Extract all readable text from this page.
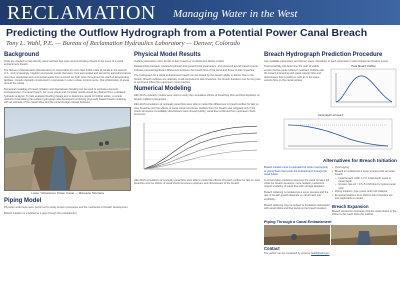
RECLAMATION Managing Water in the West
Predicting the Outflow Hydrograph from a Potential Power Canal Breach
Tony L. Wahl, P.E. — Bureau of Reclamation Hydraulics Laboratory — Denver, Colorado
Background

Tools are needed to help identify canal reaches that pose serious flooding threats in the event of a canal embankment breach.

The Bureau of Reclamation (Reclamation) is responsible for more than 8,000 miles of canals in the western U.S., and increasingly, irrigation and power canals that were once surrounded and served by agricultural areas now have residential and commercial areas from a record set both limits throughout the reach of all operating facilities. Canals originally constructed in rural areas in now in urban environments. (the urbanization of areas around the canal)

Numerical modeling of breach initiation and downstream flooding can be used to estimate economic consequences of a canal breach, but more robust and complete results would be obtained from a detailed hydraulic analysis. To help evaluate flooding threats and to determine needs for further action, a simple method of calculating the outflow hydrograph was developed combining physically based breach modeling with an estimate of the canal inflow and the canal storage release behavior.

Lower Yellowstone Power Canal — Missoula, Montana
Piping Model

Physical model tests were performed to study erosion processes and the mechanics of breach development.

Breach initiation is modeled as a pipe through the embankment.

Physical Model Results

Outflow parameters were similar to dam breach or embankment failure models.

Relationships between modeled hydraulic and geotechnical parameters, and observed actual breach events indicate potential significant differences between the breach flow of the canal and those of dam breaches.

The hydrograph for a canal embankment breach can be limited by the canal's ability to deliver flow to the breach. Breach outflows are relatively small compared to dam breaches, but breach durations can be long due to continued inflow from upstream canal reaches.

Numerical Modeling

HEC-RAS unsteady models were used to study the cumulative effects of breaching flow and flow depletion on breach outflow hydrographs.

HEC-RAS simulations of unsteady canal flow were able to model the differences in breach outflow for fast vs. slow breaches and the effects of canal check structures. Outflow from the breach was mitigated only if the check structures immediately downstream were closed quickly; canal flow continued from upstream check structures.

HEC-RAS simulations of unsteady canal flow were able to model the effects of breach outflow for fast vs. slow breaches and the effects of canal check structures upstream and downstream of the breach.

Breach Hydrograph Prediction Procedure

Use available parameters and the ten steps. Sensitivity to each parameter is well scripted and broken inputs.

Total possibility will determine the start of visible erosion before peak outflow is reached. Outflow with the breach interacting with canal velocity flow and downstream flow conditions such as is the same velocity flow on the canal surface.

Peak Breach Outflow
Canal depth at breach
Alternatives for Breach Initiation

Breach initiation time is estimated for either overtopping or piping flows that erode the embankment through the canal banks.

A conservative prediction assumes the canal remains full while the breach develops; more realistic predictions require modeling of canal flow with storage depletion.

Breach widening is modeled as a scour process and the rate of breach growth depends on canal bank soil erodibility.

• Overtopping
• Breach is modeled as a scour process with an initial breach
– Initial breach width 1-3 ft; initial depth equal to canal depth
– Erosion rate kd = 0.5–5.0 ft/hr/psi for typical canal soils
• Piping initiation; pipe grows until roof collapse
• Empirical relations from historic dam breaches are less applicable to canals

Breach widening may be subject to limitations associated with canal inflow and flow levels at the breach location.	Breach Expansion

Breach expansion continues until the canal drains or the inflow to the reach limits the outflow.

Piping Through a Canal Embankment
Contact

The author can be contacted by email at twahl@usbr.gov
